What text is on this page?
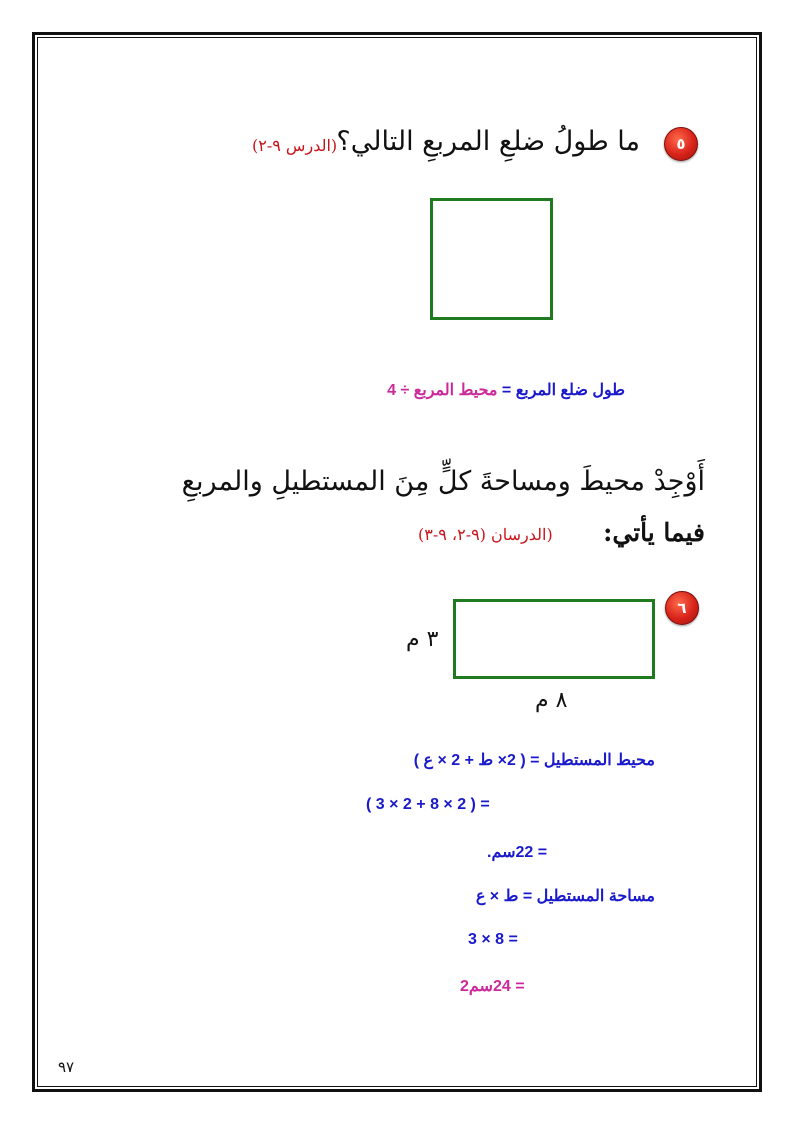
٥
ما طولُ ضلعِ المربعِ التالي؟
(الدرس ٩-٢)
طول ضلع المربع = محيط المربع ÷ 4
أَوْجِدْ محيطَ ومساحةَ كلٍّ مِنَ المستطيلِ والمربعِ
فيما يأتي:
(الدرسان (٩-٢، ٩-٣)
٦
٣ م
٨ م
محيط المستطيل = ( 2× ط + 2 × ع )
= ( 2 × 8 + 2 × 3 )
= 22سم.
مساحة المستطيل = ط × ع
= 8 × 3
= 24سم2
٩٧
